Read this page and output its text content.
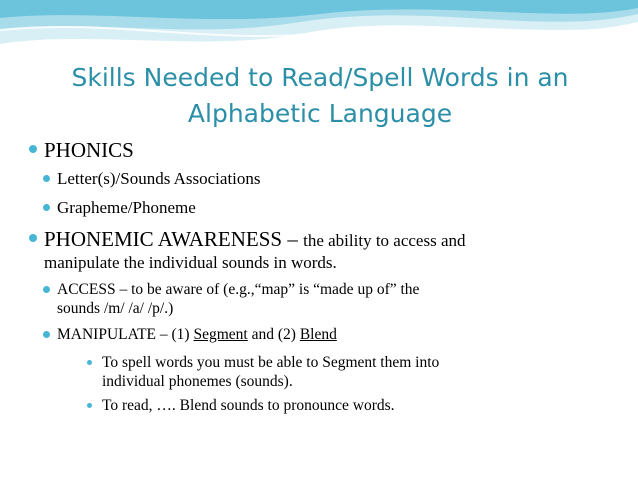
Skills Needed to Read/Spell Words in an
Alphabetic Language
PHONICS
Letter(s)/Sounds Associations
Grapheme/Phoneme
PHONEMIC AWARENESS – the ability to access and
manipulate the individual sounds in words.
ACCESS – to be aware of (e.g.,“map” is “made up of” the
sounds /m/ /a/ /p/.)
MANIPULATE – (1) Segment and (2) Blend
To spell words you must be able to Segment them into
individual phonemes (sounds).
To read, …. Blend sounds to pronounce words.
